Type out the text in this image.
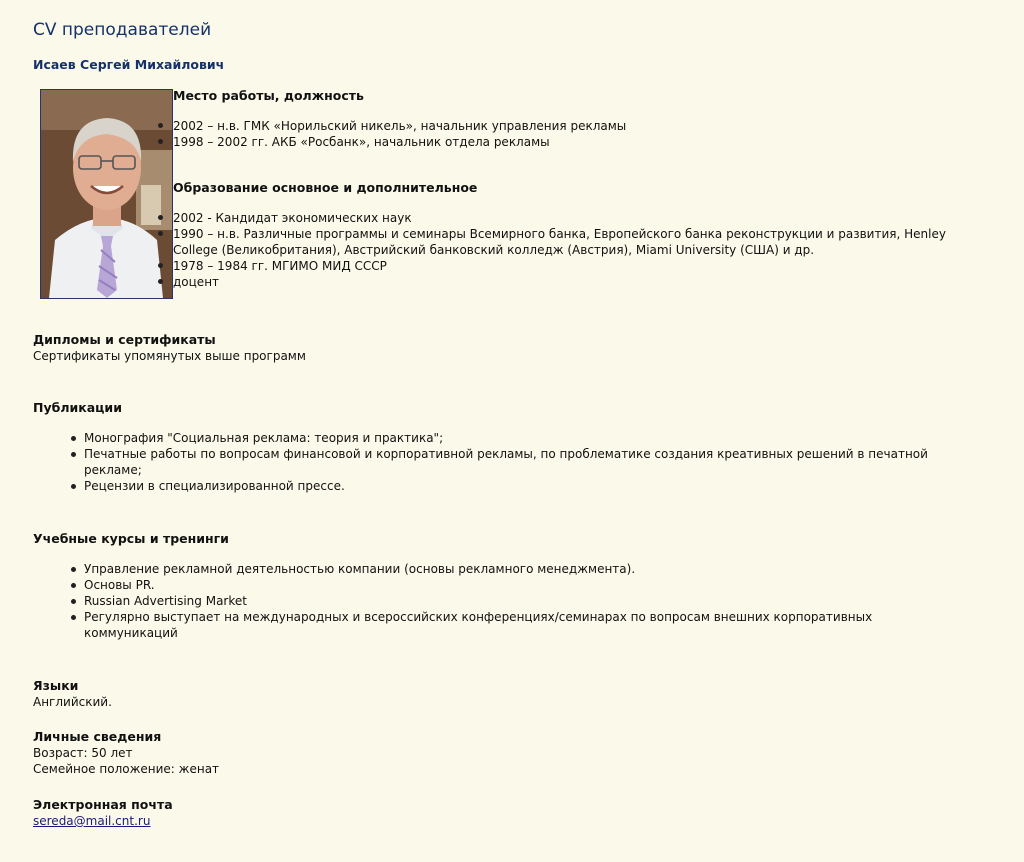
CV преподавателей
Исаев Сергей Михайлович
Место работы, должность
2002 – н.в. ГМК «Норильский никель», начальник управления рекламы
1998 – 2002 гг. АКБ «Росбанк», начальник отдела рекламы
Образование основное и дополнительное
2002 - Кандидат экономических наук
1990 – н.в. Различные программы и семинары Всемирного банка, Европейского банка реконструкции и развития, Henley
College (Великобритания), Австрийский банковский колледж (Австрия), Miami University (США) и др.
1978 – 1984 гг. МГИМО МИД СССР
доцент
Дипломы и сертификаты
Сертификаты упомянутых выше программ
Публикации
Монография "Социальная реклама: теория и практика";
Печатные работы по вопросам финансовой и корпоративной рекламы, по проблематике создания креативных решений в печатной
реклам​е;
Рецензии в специализированной прессе.
Учебные курсы и тренинги
Управление рекламной деятельностью компании (основы рекламного менеджмента).
Основы PR.
Russian Advertising Market
Регулярно выступает на международных и всероссийских конференциях/семинарах по вопросам внешних корпоративных
коммуникаций
Языки
Английский.
Личные сведения
Возраст: 50 лет
Семейное положение: женат
Электронная почта
sereda@mail.cnt.ru
